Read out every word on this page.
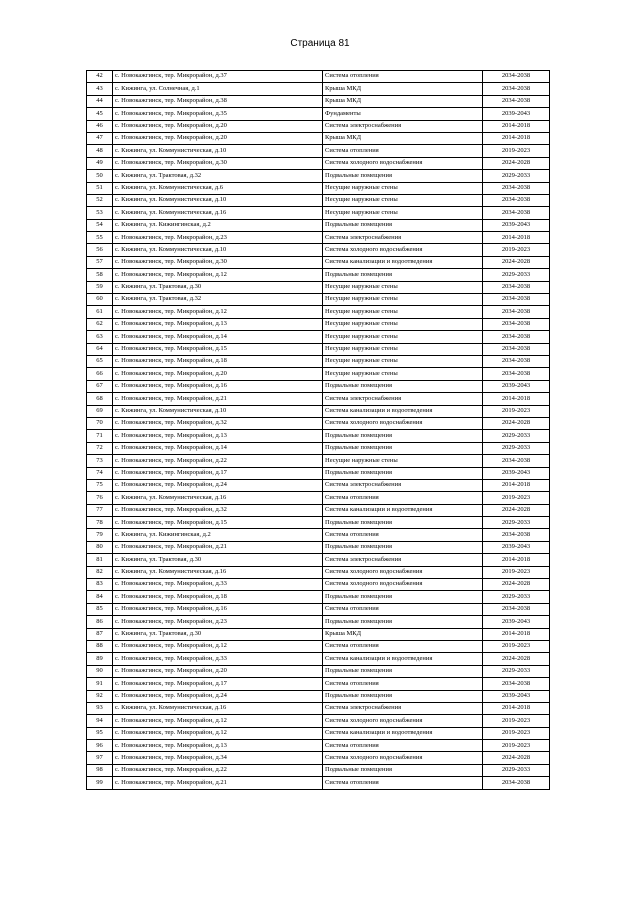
Страница 81
42	с. Новокажгинск, тер. Микрорайон, д.37	Система отопления	2034-2038
43	с. Кижинга, ул. Солнечная, д.1	Крыша МКД	2034-2038
44	с. Новокажгинск, тер. Микрорайон, д.38	Крыша МКД	2034-2038
45	с. Новокажгинск, тер. Микрорайон, д.35	Фундаменты	2039-2043
46	с. Новокажгинск, тер. Микрорайон, д.20	Система электроснабжения	2014-2018
47	с. Новокажгинск, тер. Микрорайон, д.20	Крыша МКД	2014-2018
48	с. Кижинга, ул. Коммунистическая, д.10	Система отопления	2019-2023
49	с. Новокажгинск, тер. Микрорайон, д.30	Система холодного водоснабжения	2024-2028
50	с. Кижинга, ул. Трактовая, д.32	Подвальные помещения	2029-2033
51	с. Кижинга, ул. Коммунистическая, д.6	Несущие наружные стены	2034-2038
52	с. Кижинга, ул. Коммунистическая, д.10	Несущие наружные стены	2034-2038
53	с. Кижинга, ул. Коммунистическая, д.16	Несущие наружные стены	2034-2038
54	с. Кижинга, ул. Кижингинская, д.2	Подвальные помещения	2039-2043
55	с. Новокажгинск, тер. Микрорайон, д.23	Система электроснабжения	2014-2018
56	с. Кижинга, ул. Коммунистическая, д.10	Система холодного водоснабжения	2019-2023
57	с. Новокажгинск, тер. Микрорайон, д.30	Система канализации и водоотведения	2024-2028
58	с. Новокажгинск, тер. Микрорайон, д.12	Подвальные помещения	2029-2033
59	с. Кижинга, ул. Трактовая, д.30	Несущие наружные стены	2034-2038
60	с. Кижинга, ул. Трактовая, д.32	Несущие наружные стены	2034-2038
61	с. Новокажгинск, тер. Микрорайон, д.12	Несущие наружные стены	2034-2038
62	с. Новокажгинск, тер. Микрорайон, д.13	Несущие наружные стены	2034-2038
63	с. Новокажгинск, тер. Микрорайон, д.14	Несущие наружные стены	2034-2038
64	с. Новокажгинск, тер. Микрорайон, д.15	Несущие наружные стены	2034-2038
65	с. Новокажгинск, тер. Микрорайон, д.18	Несущие наружные стены	2034-2038
66	с. Новокажгинск, тер. Микрорайон, д.20	Несущие наружные стены	2034-2038
67	с. Новокажгинск, тер. Микрорайон, д.16	Подвальные помещения	2039-2043
68	с. Новокажгинск, тер. Микрорайон, д.21	Система электроснабжения	2014-2018
69	с. Кижинга, ул. Коммунистическая, д.10	Система канализации и водоотведения	2019-2023
70	с. Новокажгинск, тер. Микрорайон, д.32	Система холодного водоснабжения	2024-2028
71	с. Новокажгинск, тер. Микрорайон, д.13	Подвальные помещения	2029-2033
72	с. Новокажгинск, тер. Микрорайон, д.14	Подвальные помещения	2029-2033
73	с. Новокажгинск, тер. Микрорайон, д.22	Несущие наружные стены	2034-2038
74	с. Новокажгинск, тер. Микрорайон, д.17	Подвальные помещения	2039-2043
75	с. Новокажгинск, тер. Микрорайон, д.24	Система электроснабжения	2014-2018
76	с. Кижинга, ул. Коммунистическая, д.16	Система отопления	2019-2023
77	с. Новокажгинск, тер. Микрорайон, д.32	Система канализации и водоотведения	2024-2028
78	с. Новокажгинск, тер. Микрорайон, д.15	Подвальные помещения	2029-2033
79	с. Кижинга, ул. Кижингинская, д.2	Система отопления	2034-2038
80	с. Новокажгинск, тер. Микрорайон, д.21	Подвальные помещения	2039-2043
81	с. Кижинга, ул. Трактовая, д.30	Система электроснабжения	2014-2018
82	с. Кижинга, ул. Коммунистическая, д.16	Система холодного водоснабжения	2019-2023
83	с. Новокажгинск, тер. Микрорайон, д.33	Система холодного водоснабжения	2024-2028
84	с. Новокажгинск, тер. Микрорайон, д.18	Подвальные помещения	2029-2033
85	с. Новокажгинск, тер. Микрорайон, д.16	Система отопления	2034-2038
86	с. Новокажгинск, тер. Микрорайон, д.23	Подвальные помещения	2039-2043
87	с. Кижинга, ул. Трактовая, д.30	Крыша МКД	2014-2018
88	с. Новокажгинск, тер. Микрорайон, д.12	Система отопления	2019-2023
89	с. Новокажгинск, тер. Микрорайон, д.33	Система канализации и водоотведения	2024-2028
90	с. Новокажгинск, тер. Микрорайон, д.20	Подвальные помещения	2029-2033
91	с. Новокажгинск, тер. Микрорайон, д.17	Система отопления	2034-2038
92	с. Новокажгинск, тер. Микрорайон, д.24	Подвальные помещения	2039-2043
93	с. Кижинга, ул. Коммунистическая, д.16	Система электроснабжения	2014-2018
94	с. Новокажгинск, тер. Микрорайон, д.12	Система холодного водоснабжения	2019-2023
95	с. Новокажгинск, тер. Микрорайон, д.12	Система канализации и водоотведения	2019-2023
96	с. Новокажгинск, тер. Микрорайон, д.13	Система отопления	2019-2023
97	с. Новокажгинск, тер. Микрорайон, д.34	Система холодного водоснабжения	2024-2028
98	с. Новокажгинск, тер. Микрорайон, д.22	Подвальные помещения	2029-2033
99	с. Новокажгинск, тер. Микрорайон, д.21	Система отопления	2034-2038
